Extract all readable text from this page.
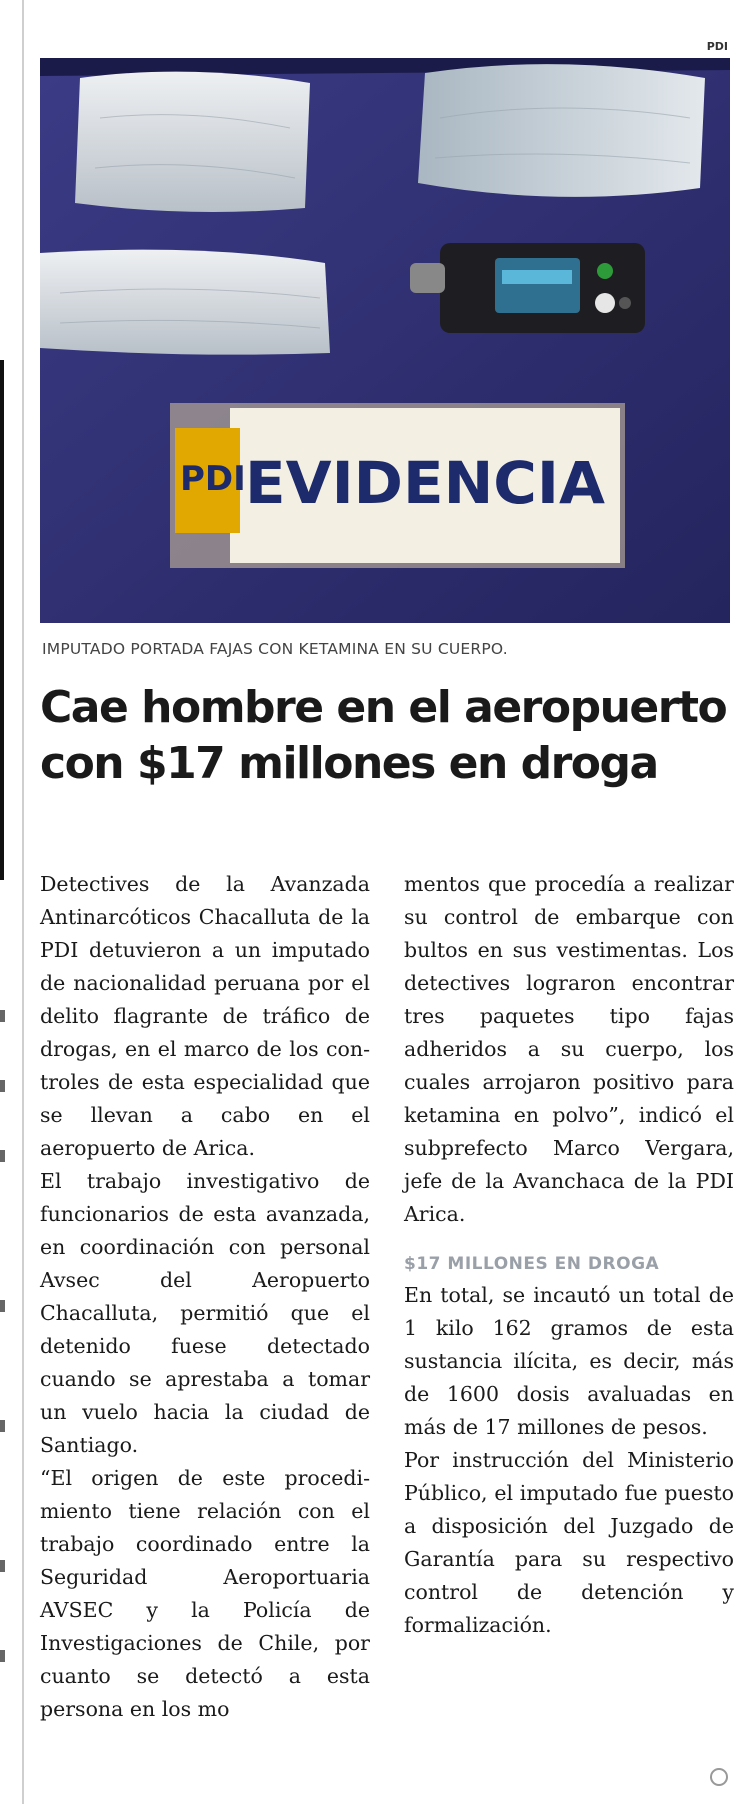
PDI
PDI EVIDENCIA
IMPUTADO PORTADA FAJAS CON KETAMINA EN SU CUERPO.
Cae hombre en el aeropuerto
con $17 millones en droga

Detectives de la Avanzada Antinarcóticos Chacalluta de la PDI detuvieron a un imputado de nacionalidad peruana por el delito flagrante de tráfico de drogas, en el marco de los controles de esta especialidad que se llevan a cabo en el aeropuerto de Arica.

El trabajo investigativo de funcionarios de esta avanzada, en coordinación con personal Avsec del Aeropuerto Chacalluta, permitió que el detenido fuese detectado cuando se aprestaba a tomar un vuelo hacia la ciudad de Santiago.

“El origen de este procedimiento tiene relación con el trabajo coordinado entre la Seguridad Aeroportuaria AVSEC y la Policía de Investigaciones de Chile, por cuanto se detectó a esta persona en los mo

mentos que procedía a realizar su control de embarque con bultos en sus vestimentas. Los detectives lograron encontrar tres paquetes tipo fajas adheridos a su cuerpo, los cuales arrojaron positivo para ketamina en polvo”, indicó el subprefecto Marco Vergara, jefe de la Avanchaca de la PDI Arica.

$17 MILLONES EN DROGA

En total, se incautó un total de 1 kilo 162 gramos de esta sustancia ilícita, es decir, más de 1600 dosis avaluadas en más de 17 millones de pesos.

Por instrucción del Ministerio Público, el imputado fue puesto a disposición del Juzgado de Garantía para su respectivo control de detención y formalización.
